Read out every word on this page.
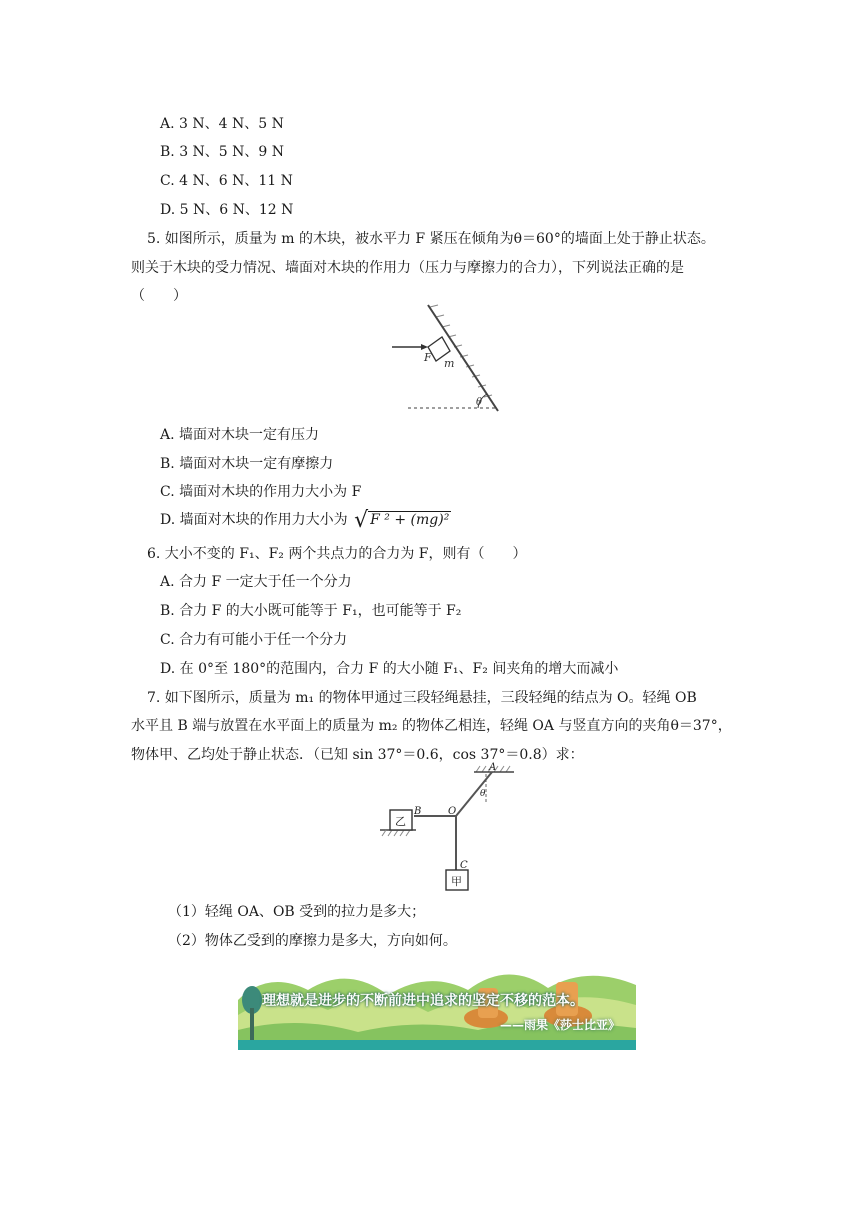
A. 3 N、4 N、5 N
B. 3 N、5 N、9 N
C. 4 N、6 N、11 N
D. 5 N、6 N、12 N
5. 如图所示，质量为 m 的木块，被水平力 F 紧压在倾角为θ＝60°的墙面上处于静止状态。
则关于木块的受力情况、墙面对木块的作用力（压力与摩擦力的合力），下列说法正确的是
（　　）
F m
θ
A. 墙面对木块一定有压力
B. 墙面对木块一定有摩擦力
C. 墙面对木块的作用力大小为 F
D. 墙面对木块的作用力大小为 √ F ² + (mg)²
6. 大小不变的 F₁、F₂ 两个共点力的合力为 F，则有（　　）
A. 合力 F 一定大于任一个分力
B. 合力 F 的大小既可能等于 F₁，也可能等于 F₂
C. 合力有可能小于任一个分力
D. 在 0°至 180°的范围内，合力 F 的大小随 F₁、F₂ 间夹角的增大而减小
7. 如下图所示，质量为 m₁ 的物体甲通过三段轻绳悬挂，三段轻绳的结点为 O。轻绳 OB
水平且 B 端与放置在水平面上的质量为 m₂ 的物体乙相连，轻绳 OA 与竖直方向的夹角θ＝37°，
物体甲、乙均处于静止状态．（已知 sin 37°＝0.6，cos 37°＝0.8）求：
乙
甲
A
B	O
C
θ
（1）轻绳 OA、OB 受到的拉力是多大；
（2）物体乙受到的摩擦力是多大，方向如何。
理想就是进步的不断前进中追求的坚定不移的范本。
——雨果《莎士比亚》
